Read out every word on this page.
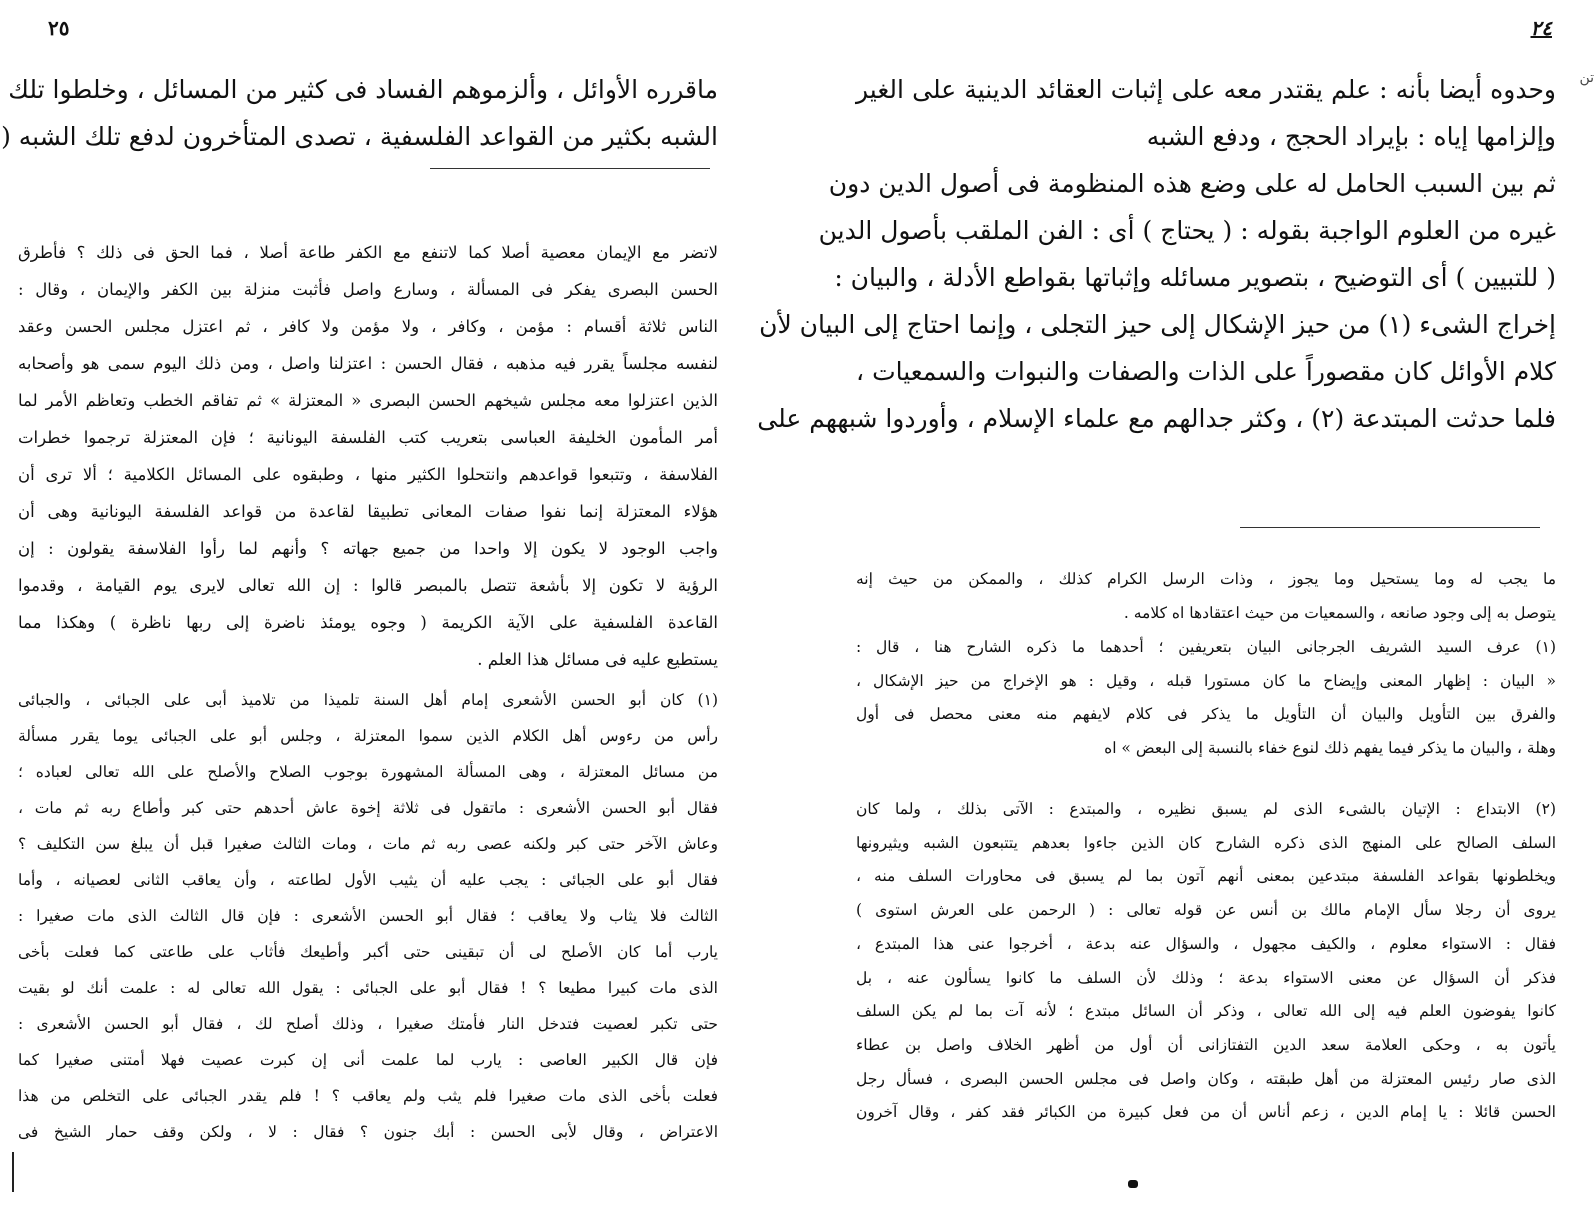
٢٥
ماقرره الأوائل ، وألزموهم الفساد فى كثير من المسائل ، وخلطوا تلك
الشبه بكثير من القواعد الفلسفية ، تصدى المتأخرون لدفع تلك الشبه (
لاتضر مع الإيمان معصية أصلا كما لاتنفع مع الكفر طاعة أصلا ، فما الحق فى ذلك ؟ فأطرق
الحسن البصرى يفكر فى المسألة ، وسارع واصل فأثبت منزلة بين الكفر والإيمان ، وقال :
الناس ثلاثة أقسام : مؤمن ، وكافر ، ولا مؤمن ولا كافر ، ثم اعتزل مجلس الحسن وعقد
لنفسه مجلساً يقرر فيه مذهبه ، فقال الحسن : اعتزلنا واصل ، ومن ذلك اليوم سمى هو وأصحابه
الذين اعتزلوا معه مجلس شيخهم الحسن البصرى « المعتزلة » ثم تفاقم الخطب وتعاظم الأمر لما
أمر المأمون الخليفة العباسى بتعريب كتب الفلسفة اليونانية ؛ فإن المعتزلة ترجموا خطرات
الفلاسفة ، وتتبعوا قواعدهم وانتحلوا الكثير منها ، وطبقوه على المسائل الكلامية ؛ ألا ترى أن
هؤلاء المعتزلة إنما نفوا صفات المعانى تطبيقا لقاعدة من قواعد الفلسفة اليونانية وهى أن
واجب الوجود لا يكون إلا واحدا من جميع جهاته ؟ وأنهم لما رأوا الفلاسفة يقولون : إن
الرؤية لا تكون إلا بأشعة تتصل بالمبصر قالوا : إن الله تعالى لايرى يوم القيامة ، وقدموا
القاعدة الفلسفية على الآية الكريمة ( وجوه يومئذ ناضرة إلى ربها ناظرة ) وهكذا مما
يستطيع عليه فى مسائل هذا العلم .
(١) كان أبو الحسن الأشعرى إمام أهل السنة تلميذا من تلاميذ أبى على الجبائى ، والجبائى
رأس من رءوس أهل الكلام الذين سموا المعتزلة ، وجلس أبو على الجبائى يوما يقرر مسألة
من مسائل المعتزلة ، وهى المسألة المشهورة بوجوب الصلاح والأصلح على الله تعالى لعباده ؛
فقال أبو الحسن الأشعرى : ماتقول فى ثلاثة إخوة عاش أحدهم حتى كبر وأطاع ربه ثم مات ،
وعاش الآخر حتى كبر ولكنه عصى ربه ثم مات ، ومات الثالث صغيرا قبل أن يبلغ سن التكليف ؟
فقال أبو على الجبائى : يجب عليه أن يثيب الأول لطاعته ، وأن يعاقب الثانى لعصيانه ، وأما
الثالث فلا يثاب ولا يعاقب ؛ فقال أبو الحسن الأشعرى : فإن قال الثالث الذى مات صغيرا :
يارب أما كان الأصلح لى أن تبقينى حتى أكبر وأطيعك فأثاب على طاعتى كما فعلت بأخى
الذى مات كبيرا مطيعا ؟ ! فقال أبو على الجبائى : يقول الله تعالى له : علمت أنك لو بقيت
حتى تكبر لعصيت فتدخل النار فأمتك صغيرا ، وذلك أصلح لك ، فقال أبو الحسن الأشعرى :
فإن قال الكبير العاصى : يارب لما علمت أنى إن كبرت عصيت فهلا أمتنى صغيرا كما
فعلت بأخى الذى مات صغيرا فلم يثب ولم يعاقب ؟ ! فلم يقدر الجبائى على التخلص من هذا
الاعتراض ، وقال لأبى الحسن : أبك جنون ؟ فقال : لا ، ولكن وقف حمار الشيخ فى
٢٤
تن
وحدوه أيضا بأنه : علم يقتدر معه على إثبات العقائد الدينية على الغير
وإلزامها إياه : بإيراد الحجج ، ودفع الشبه
ثم بين السبب الحامل له على وضع هذه المنظومة فى أصول الدين دون
غيره من العلوم الواجبة بقوله : ( يحتاج ) أى : الفن الملقب بأصول الدين
( للتبيين ) أى التوضيح ، بتصوير مسائله وإثباتها بقواطع الأدلة ، والبيان :
إخراج الشىء (١) من حيز الإشكال إلى حيز التجلى ، وإنما احتاج إلى البيان لأن
كلام الأوائل كان مقصوراً على الذات والصفات والنبوات والسمعيات ،
فلما حدثت المبتدعة (٢) ، وكثر جدالهم مع علماء الإسلام ، وأوردوا شبههم على
ما يجب له وما يستحيل وما يجوز ، وذات الرسل الكرام كذلك ، والممكن من حيث إنه
يتوصل به إلى وجود صانعه ، والسمعيات من حيث اعتقادها اه كلامه .
(١) عرف السيد الشريف الجرجانى البيان بتعريفين ؛ أحدهما ما ذكره الشارح هنا ، قال :
« البيان : إظهار المعنى وإيضاح ما كان مستورا قبله ، وقيل : هو الإخراج من حيز الإشكال ،
والفرق بين التأويل والبيان أن التأويل ما يذكر فى كلام لايفهم منه معنى محصل فى أول
وهلة ، والبيان ما يذكر فيما يفهم ذلك لنوع خفاء بالنسبة إلى البعض » اه
(٢) الابتداع : الإتيان بالشىء الذى لم يسبق نظيره ، والمبتدع : الآتى بذلك ، ولما كان
السلف الصالح على المنهج الذى ذكره الشارح كان الذين جاءوا بعدهم يتتبعون الشبه ويثيرونها
ويخلطونها بقواعد الفلسفة مبتدعين بمعنى أنهم آتون بما لم يسبق فى محاورات السلف منه ،
يروى أن رجلا سأل الإمام مالك بن أنس عن قوله تعالى : ( الرحمن على العرش استوى )
فقال : الاستواء معلوم ، والكيف مجهول ، والسؤال عنه بدعة ، أخرجوا عنى هذا المبتدع ،
فذكر أن السؤال عن معنى الاستواء بدعة ؛ وذلك لأن السلف ما كانوا يسألون عنه ، بل
كانوا يفوضون العلم فيه إلى الله تعالى ، وذكر أن السائل مبتدع ؛ لأنه آت بما لم يكن السلف
يأتون به ، وحكى العلامة سعد الدين التفتازانى أن أول من أظهر الخلاف واصل بن عطاء
الذى صار رئيس المعتزلة من أهل طبقته ، وكان واصل فى مجلس الحسن البصرى ، فسأل رجل
الحسن قائلا : يا إمام الدين ، زعم أناس أن من فعل كبيرة من الكبائر فقد كفر ، وقال آخرون
